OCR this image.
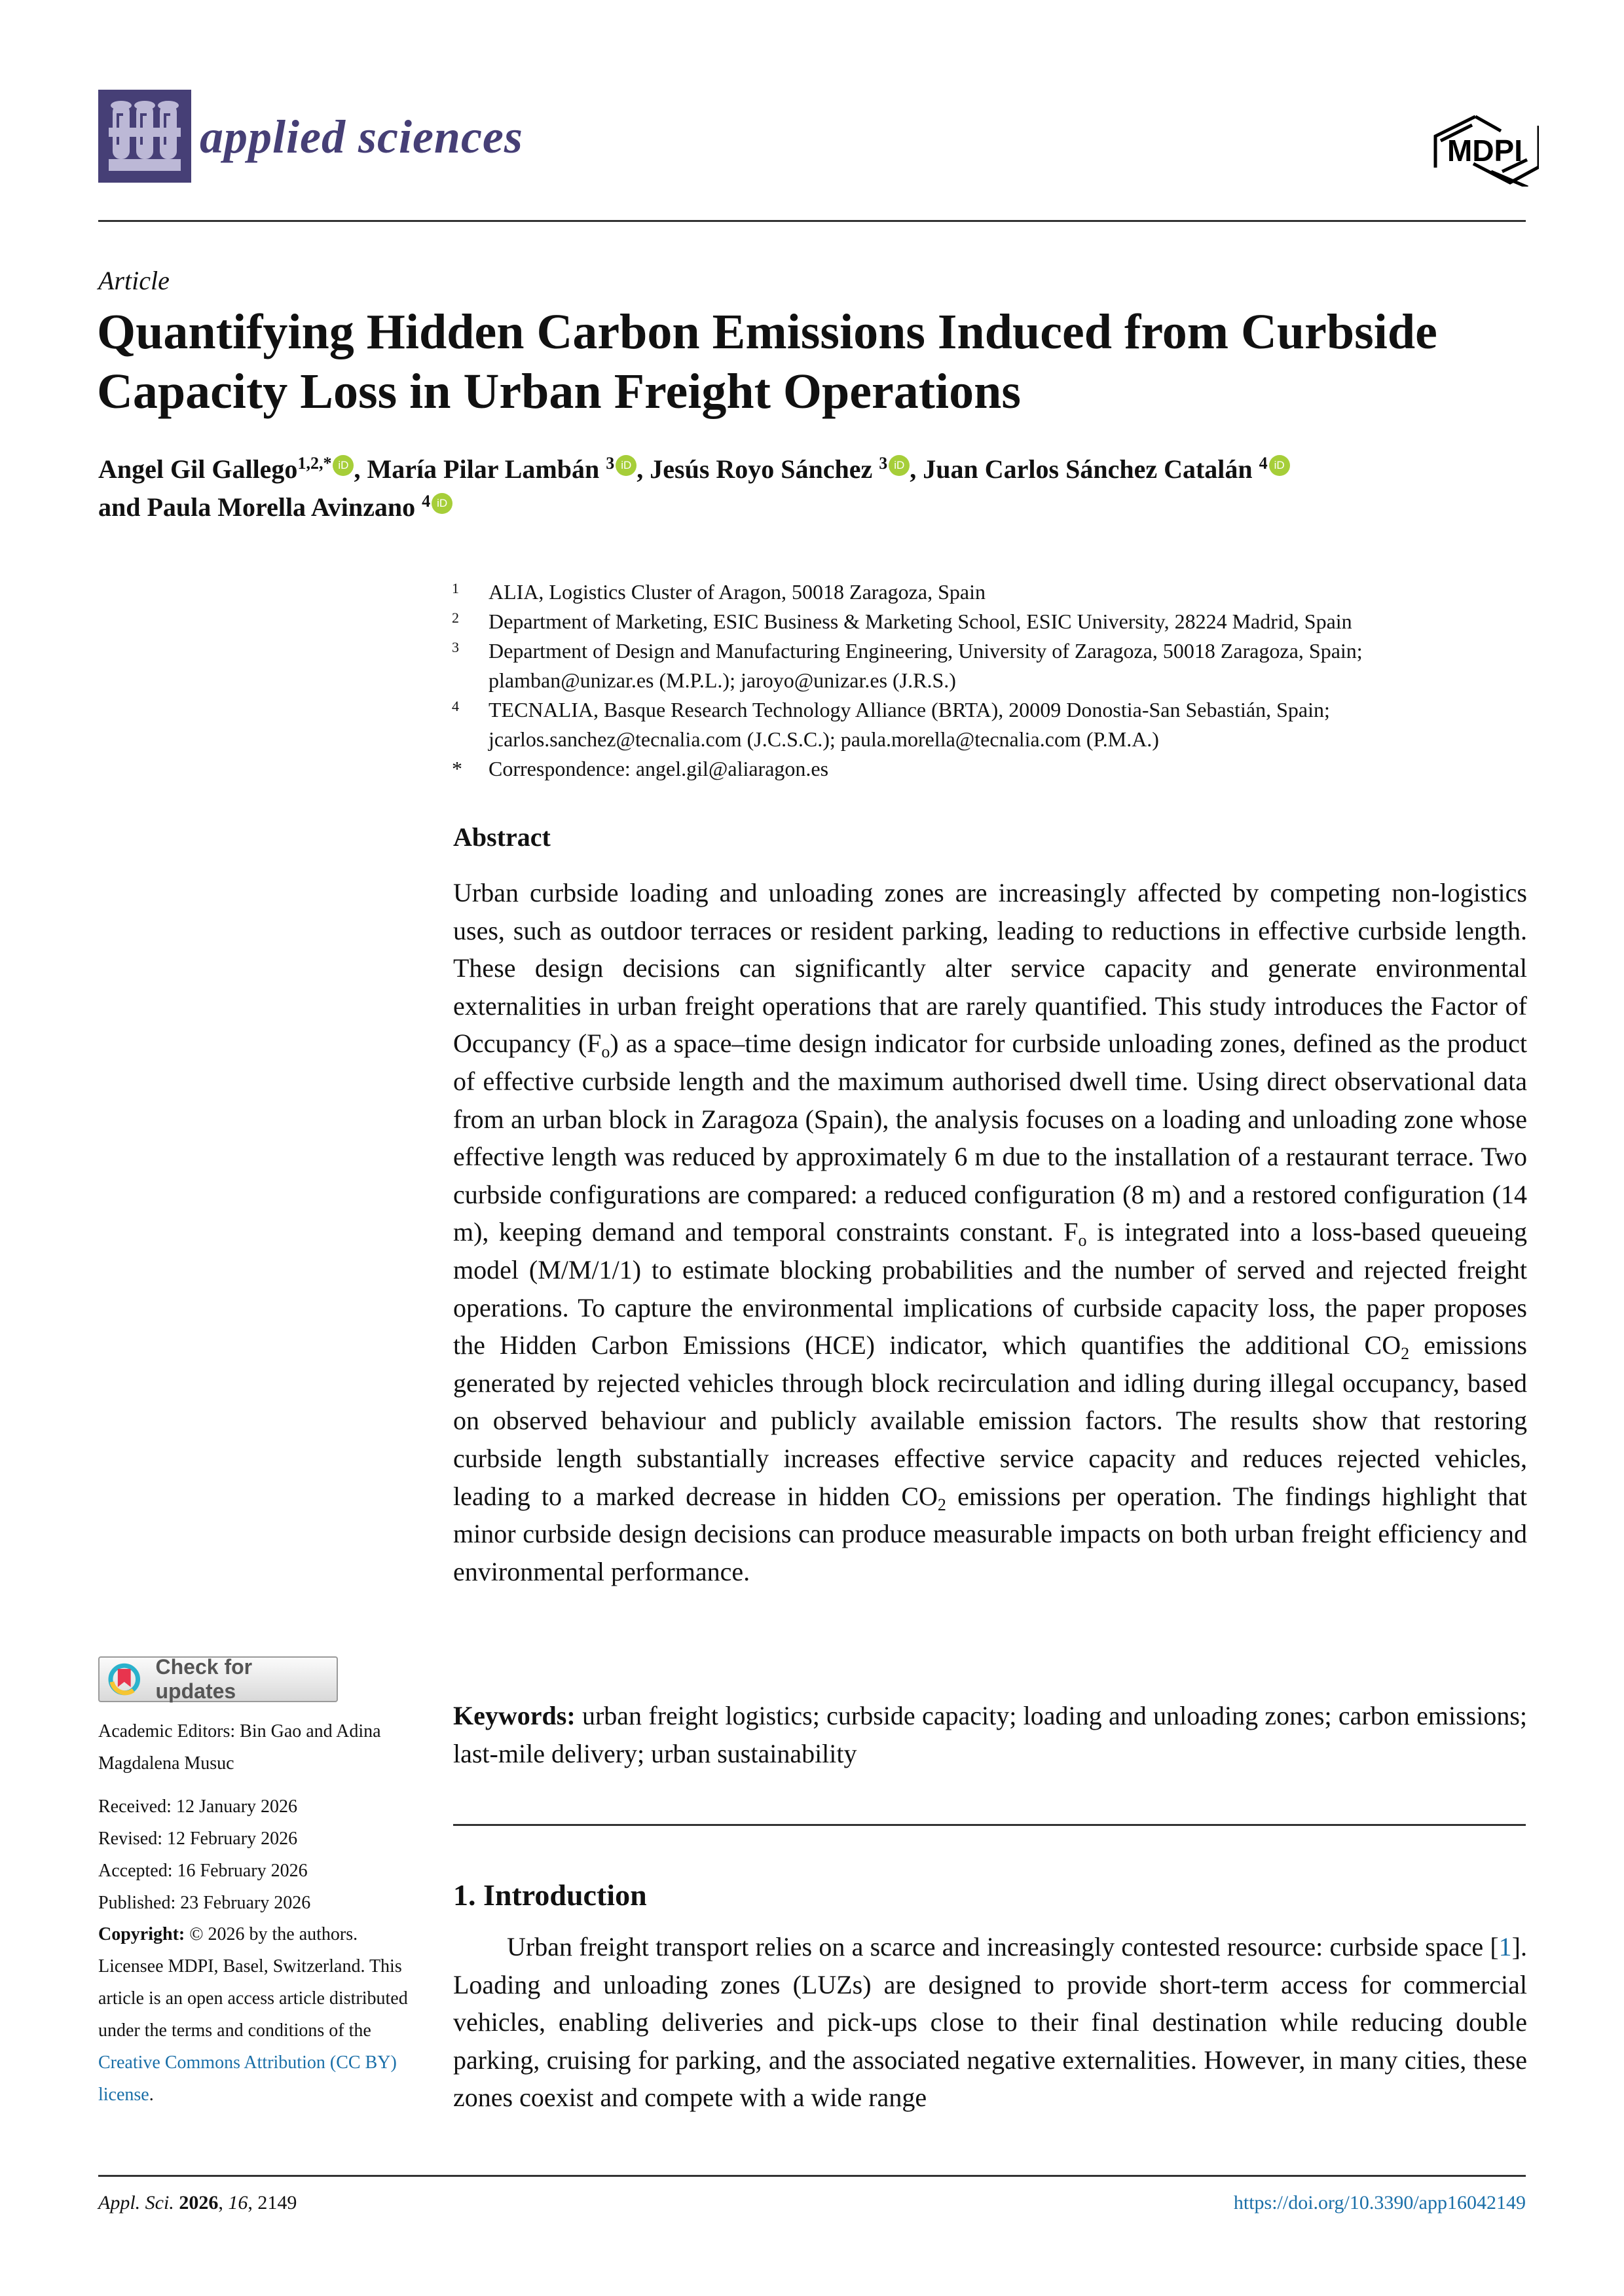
applied sciences	MDPI
Article
Quantifying Hidden Carbon Emissions Induced from Curbside Capacity Loss in Urban Freight Operations
Angel Gil Gallego$^{1,2,*}$ iD , María Pilar Lambán $^3$ iD , Jesús Royo Sánchez $^3$ iD , Juan Carlos Sánchez Catalán $^4$ iD
and Paula Morella Avinzano $^4$ iD
1 ALIA, Logistics Cluster of Aragon, 50018 Zaragoza, Spain
2 Department of Marketing, ESIC Business & Marketing School, ESIC University, 28224 Madrid, Spain
3 Department of Design and Manufacturing Engineering, University of Zaragoza, 50018 Zaragoza, Spain;
plamban@unizar.es (M.P.L.); jaroyo@unizar.es (J.R.S.)
4 TECNALIA, Basque Research Technology Alliance (BRTA), 20009 Donostia-San Sebastián, Spain;
jcarlos.sanchez@tecnalia.com (J.C.S.C.); paula.morella@tecnalia.com (P.M.A.)
* Correspondence: angel.gil@aliaragon.es
Abstract
Urban curbside loading and unloading zones are increasingly affected by competing non-logistics uses, such as outdoor terraces or resident parking, leading to reductions in effective curbside length. These design decisions can significantly alter service capacity and generate environmental externalities in urban freight operations that are rarely quantified. This study introduces the Factor of Occupancy $(F_o)$ as a space–time design indicator for curbside unloading zones, defined as the product of effective curbside length and the maximum authorised dwell time. Using direct observational data from an urban block in Zaragoza (Spain), the analysis focuses on a loading and unloading zone whose effective length was reduced by approximately 6 m due to the installation of a restaurant terrace. Two curbside configurations are compared: a reduced configuration (8 m) and a restored configuration (14 m), keeping demand and temporal constraints constant. $F_o$ is integrated into a loss-based queueing model (M/M/1/1) to estimate blocking probabilities and the number of served and rejected freight operations. To capture the environmental implications of curbside capacity loss, the paper proposes the Hidden Carbon Emissions (HCE) indicator, which quantifies the additional $CO_2$ emissions generated by rejected vehicles through block recirculation and idling during illegal occupancy, based on observed behaviour and publicly available emission factors. The results show that restoring curbside length substantially increases effective service capacity and reduces rejected vehicles, leading to a marked decrease in hidden $CO_2$ emissions per operation. The findings highlight that minor curbside design decisions can produce measurable impacts on both urban freight efficiency and environmental performance.
Keywords: urban freight logistics; curbside capacity; loading and unloading zones; carbon emissions; last-mile delivery; urban sustainability
1. Introduction
Urban freight transport relies on a scarce and increasingly contested resource: curbside space [1]. Loading and unloading zones (LUZs) are designed to provide short-term access for commercial vehicles, enabling deliveries and pick-ups close to their final destination while reducing double parking, cruising for parking, and the associated negative externalities. However, in many cities, these zones coexist and compete with a wide range
Check for updates
Academic Editors: Bin Gao and Adina Magdalena Musuc
Received: 12 January 2026
Revised: 12 February 2026
Accepted: 16 February 2026
Published: 23 February 2026
Copyright: © 2026 by the authors. Licensee MDPI, Basel, Switzerland. This article is an open access article distributed under the terms and conditions of the Creative Commons Attribution (CC BY) license.
Appl. Sci. 2026, 16, 2149	https://doi.org/10.3390/app16042149
